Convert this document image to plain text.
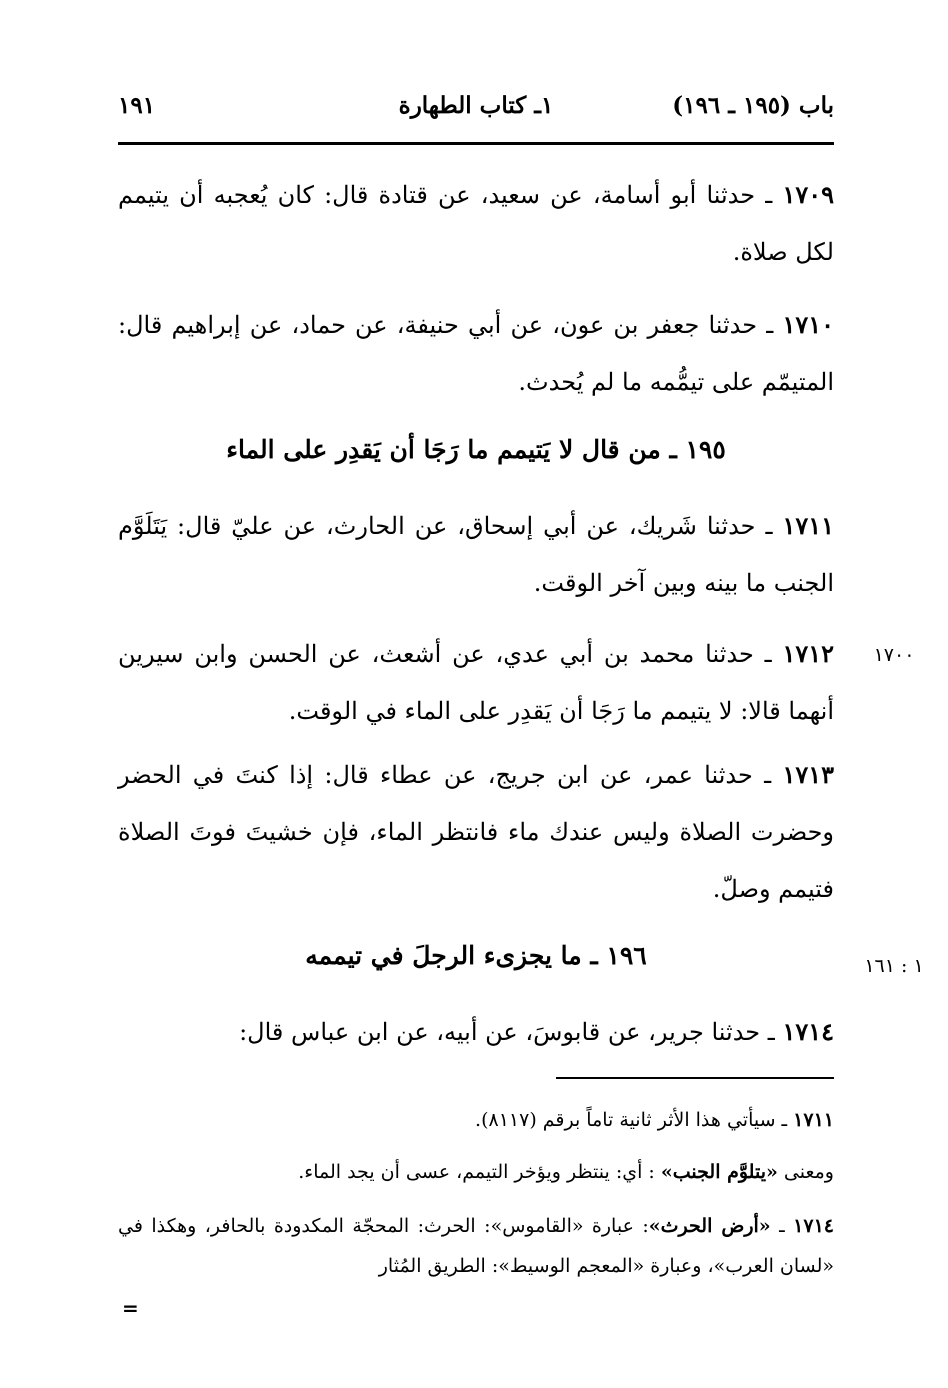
باب (١٩٥ ـ ١٩٦)
١ـ كتاب الطهارة
١٩١
١٧٠٩ ـ حدثنا أبو أسامة، عن سعيد، عن قتادة قال: كان يُعجبه أن يتيمم لكل صلاة.
١٧١٠ ـ حدثنا جعفر بن عون، عن أبي حنيفة، عن حماد، عن إبراهيم قال: المتيمّم على تيمُّمه ما لم يُحدث.
١٩٥ ـ من قال لا يَتيمم ما رَجَا أن يَقدِر على الماء
١٧١١ ـ حدثنا شَريك، عن أبي إسحاق، عن الحارث، عن عليّ قال: يَتَلَوَّم الجنب ما بينه وبين آخر الوقت.
١٧٠٠
١٧١٢ ـ حدثنا محمد بن أبي عدي، عن أشعث، عن الحسن وابن سيرين أنهما قالا: لا يتيمم ما رَجَا أن يَقدِر على الماء في الوقت.
١٧١٣ ـ حدثنا عمر، عن ابن جريج، عن عطاء قال: إذا كنتَ في الحضر وحضرت الصلاة وليس عندك ماء فانتظر الماء، فإن خشيتَ فوتَ الصلاة فتيمم وصلّ.
١٩٦ ـ ما يجزىء الرجلَ في تيممه	١ : ١٦١
١٧١٤ ـ حدثنا جرير، عن قابوسَ، عن أبيه، عن ابن عباس قال:
١٧١١ ـ سيأتي هذا الأثر ثانية تاماً برقم (٨١١٧).
ومعنى «يتلوَّم الجنب» : أي: ينتظر ويؤخر التيمم، عسى أن يجد الماء.
١٧١٤ ـ «أرض الحرث»: عبارة «القاموس»: الحرث: المحجّة المكدودة بالحافر، وهكذا في «لسان العرب»، وعبارة «المعجم الوسيط»: الطريق المُثار
=
